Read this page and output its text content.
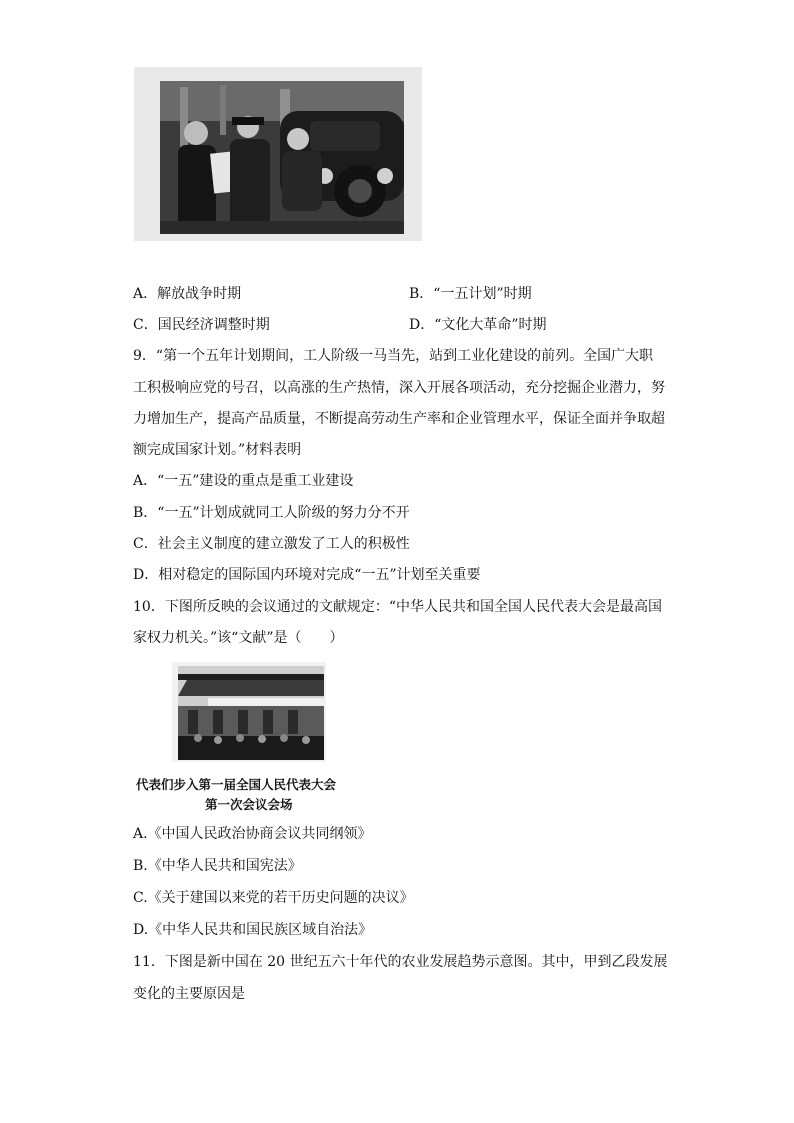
A．解放战争时期	B．“一五计划”时期
C．国民经济调整时期	D．“文化大革命”时期
9．“第一个五年计划期间，工人阶级一马当先，站到工业化建设的前列。全国广大职
工积极响应党的号召，以高涨的生产热情，深入开展各项活动，充分挖掘企业潜力，努
力增加生产，提高产品质量，不断提高劳动生产率和企业管理水平，保证全面并争取超
额完成国家计划。”材料表明
A．“一五”建设的重点是重工业建设
B．“一五”计划成就同工人阶级的努力分不开
C．社会主义制度的建立激发了工人的积极性
D．相对稳定的国际国内环境对完成“一五”计划至关重要
10．下图所反映的会议通过的文献规定：“中华人民共和国全国人民代表大会是最高国
家权力机关。”该“文献”是（　　）
代表们步入第一届全国人民代表大会
第一次会议会场
A.《中国人民政治协商会议共同纲领》
B.《中华人民共和国宪法》
C.《关于建国以来党的若干历史问题的决议》
D.《中华人民共和国民族区域自治法》
11．下图是新中国在 20 世纪五六十年代的农业发展趋势示意图。其中，甲到乙段发展
变化的主要原因是
